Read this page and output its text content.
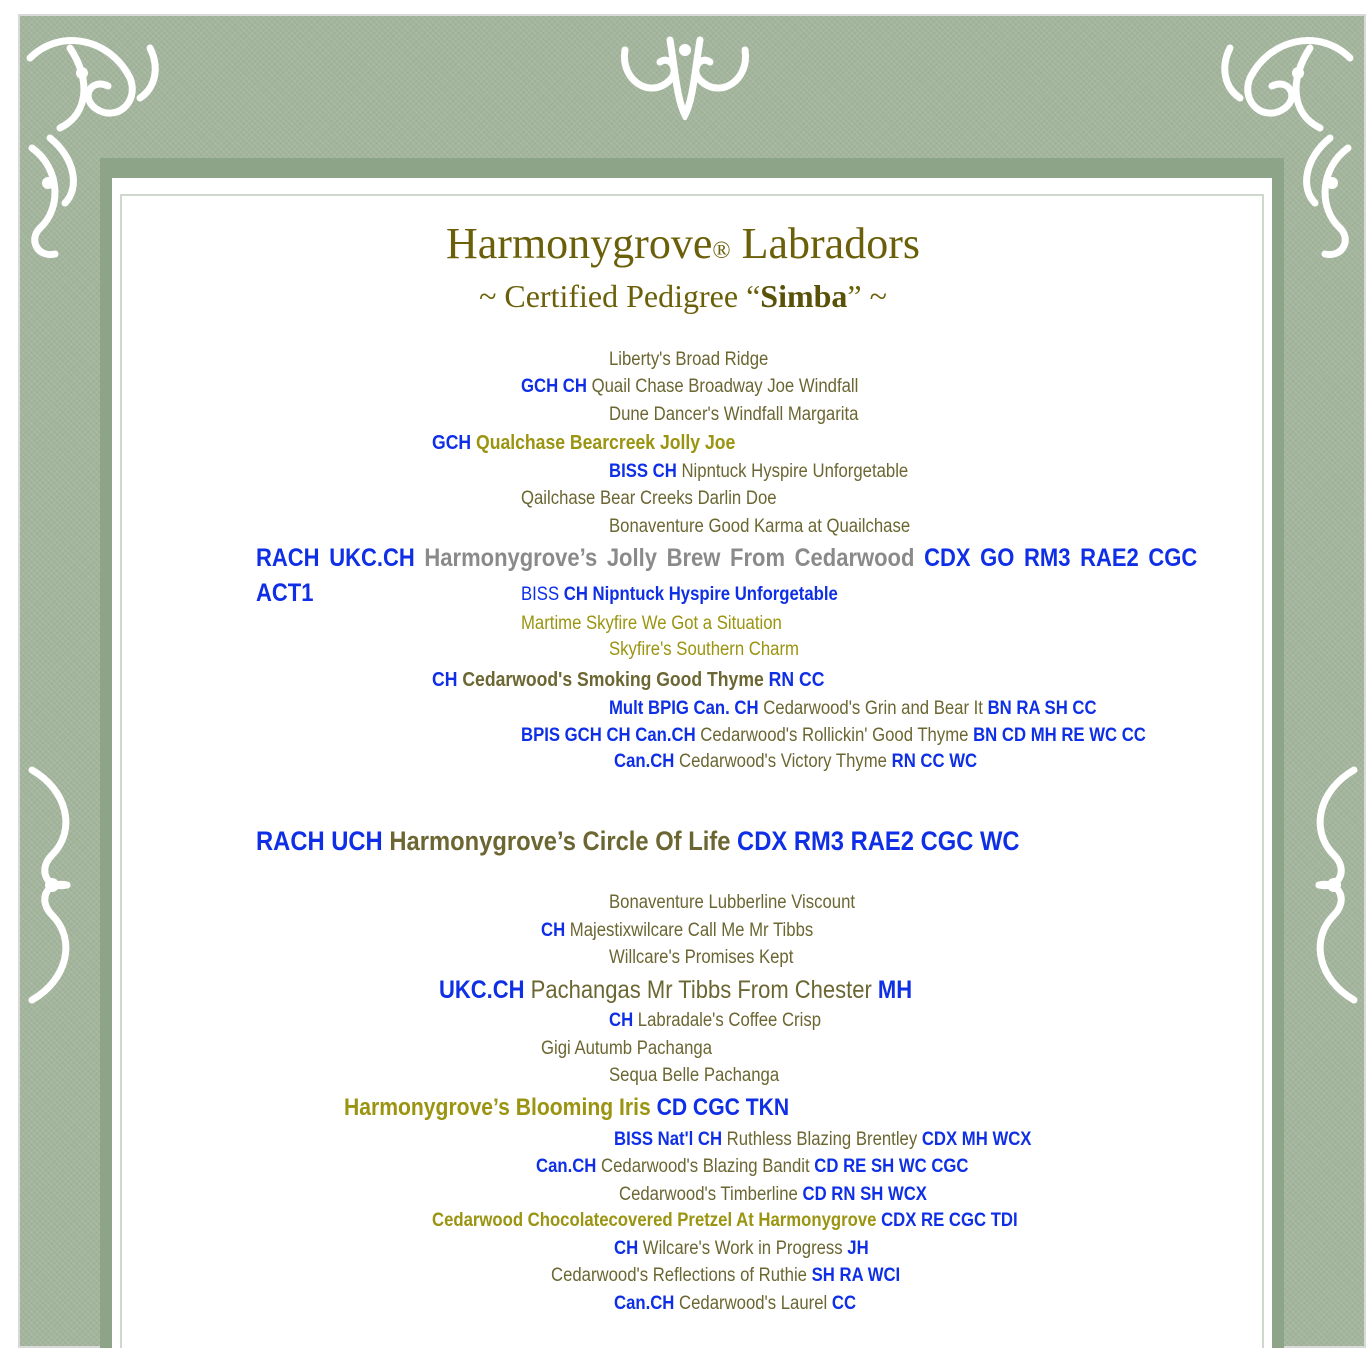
Harmonygrove® Labradors
~ Certified Pedigree “Simba” ~
Liberty's Broad Ridge
GCH CH Quail Chase Broadway Joe Windfall
Dune Dancer's Windfall Margarita
GCH Qualchase Bearcreek Jolly Joe
BISS CH Nipntuck Hyspire Unforgetable
Qailchase Bear Creeks Darlin Doe
Bonaventure Good Karma at Quailchase
RACH UKC.CH Harmonygrove’s Jolly Brew From Cedarwood CDX GO RM3 RAE2 CGC
ACT1	BISS CH Nipntuck Hyspire Unforgetable
Martime Skyfire We Got a Situation
Skyfire's Southern Charm
CH Cedarwood's Smoking Good Thyme RN CC
Mult BPIG Can. CH Cedarwood's Grin and Bear It BN RA SH CC
BPIS GCH CH Can.CH Cedarwood's Rollickin' Good Thyme BN CD MH RE WC CC
Can.CH Cedarwood's Victory Thyme RN CC WC
RACH UCH Harmonygrove’s Circle Of Life CDX RM3 RAE2 CGC WC
Bonaventure Lubberline Viscount
CH Majestixwilcare Call Me Mr Tibbs
Willcare's Promises Kept
UKC.CH Pachangas Mr Tibbs From Chester MH
CH Labradale's Coffee Crisp
Gigi Autumb Pachanga
Sequa Belle Pachanga
Harmonygrove’s Blooming Iris CD CGC TKN
BISS Nat'l CH Ruthless Blazing Brentley CDX MH WCX
Can.CH Cedarwood's Blazing Bandit CD RE SH WC CGC
Cedarwood's Timberline CD RN SH WCX
Cedarwood Chocolatecovered Pretzel At Harmonygrove CDX RE CGC TDI
CH Wilcare's Work in Progress JH
Cedarwood's Reflections of Ruthie SH RA WCI
Can.CH Cedarwood's Laurel CC
